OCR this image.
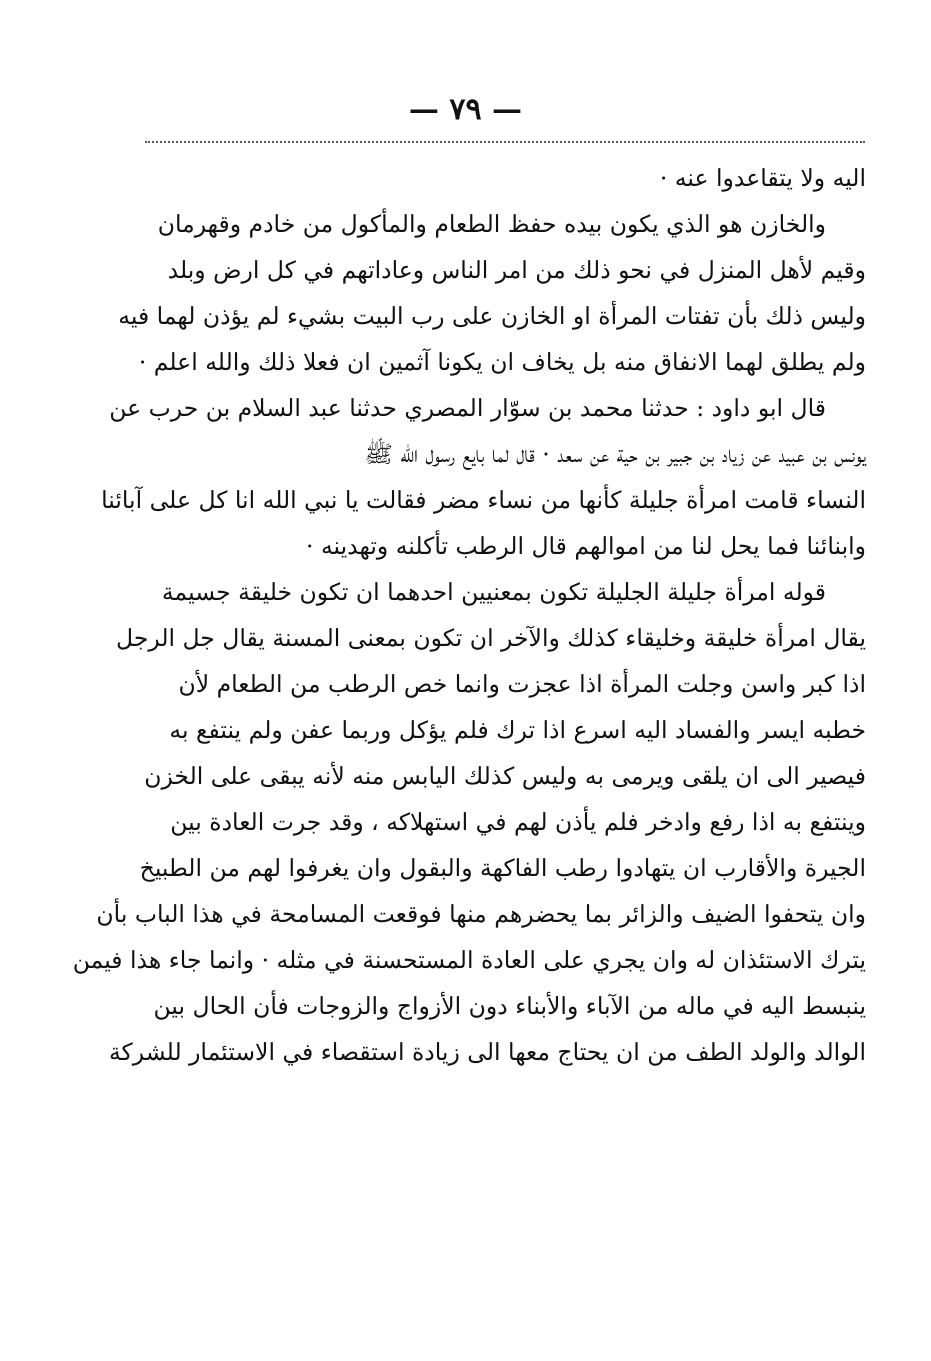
— ٧٩ —
اليه ولا يتقاعدوا عنه ·
والخازن هو الذي يكون بيده حفظ الطعام والمأكول من خادم وقهرمان
وقيم لأهل المنزل في نحو ذلك من امر الناس وعاداتهم في كل ارض وبلد
وليس ذلك بأن تفتات المرأة او الخازن على رب البيت بشيء لم يؤذن لهما فيه
ولم يطلق لهما الانفاق منه بل يخاف ان يكونا آثمين ان فعلا ذلك والله اعلم ·
قال ابو داود : حدثنا محمد بن سوّار المصري حدثنا عبد السلام بن حرب عن
يونس بن عبيد عن زياد بن جبير بن حية عن سعد · قال لما بايع رسول الله ﷺ
النساء قامت امرأة جليلة كأنها من نساء مضر فقالت يا نبي الله انا كل على آبائنا
وابنائنا فما يحل لنا من اموالهم قال الرطب تأكلنه وتهدينه ·
قوله امرأة جليلة الجليلة تكون بمعنيين احدهما ان تكون خليقة جسيمة
يقال امرأة خليقة وخليقاء كذلك والآخر ان تكون بمعنى المسنة يقال جل الرجل
اذا كبر واسن وجلت المرأة اذا عجزت وانما خص الرطب من الطعام لأن
خطبه ايسر والفساد اليه اسرع اذا ترك فلم يؤكل وربما عفن ولم ينتفع به
فيصير الى ان يلقى ويرمى به وليس كذلك اليابس منه لأنه يبقى على الخزن
وينتفع به اذا رفع وادخر فلم يأذن لهم في استهلاكه ، وقد جرت العادة بين
الجيرة والأقارب ان يتهادوا رطب الفاكهة والبقول وان يغرفوا لهم من الطبيخ
وان يتحفوا الضيف والزائر بما يحضرهم منها فوقعت المسامحة في هذا الباب بأن
يترك الاستئذان له وان يجري على العادة المستحسنة في مثله · وانما جاء هذا فيمن
ينبسط اليه في ماله من الآباء والأبناء دون الأزواج والزوجات فأن الحال بين
الوالد والولد الطف من ان يحتاج معها الى زيادة استقصاء في الاستئمار للشركة
